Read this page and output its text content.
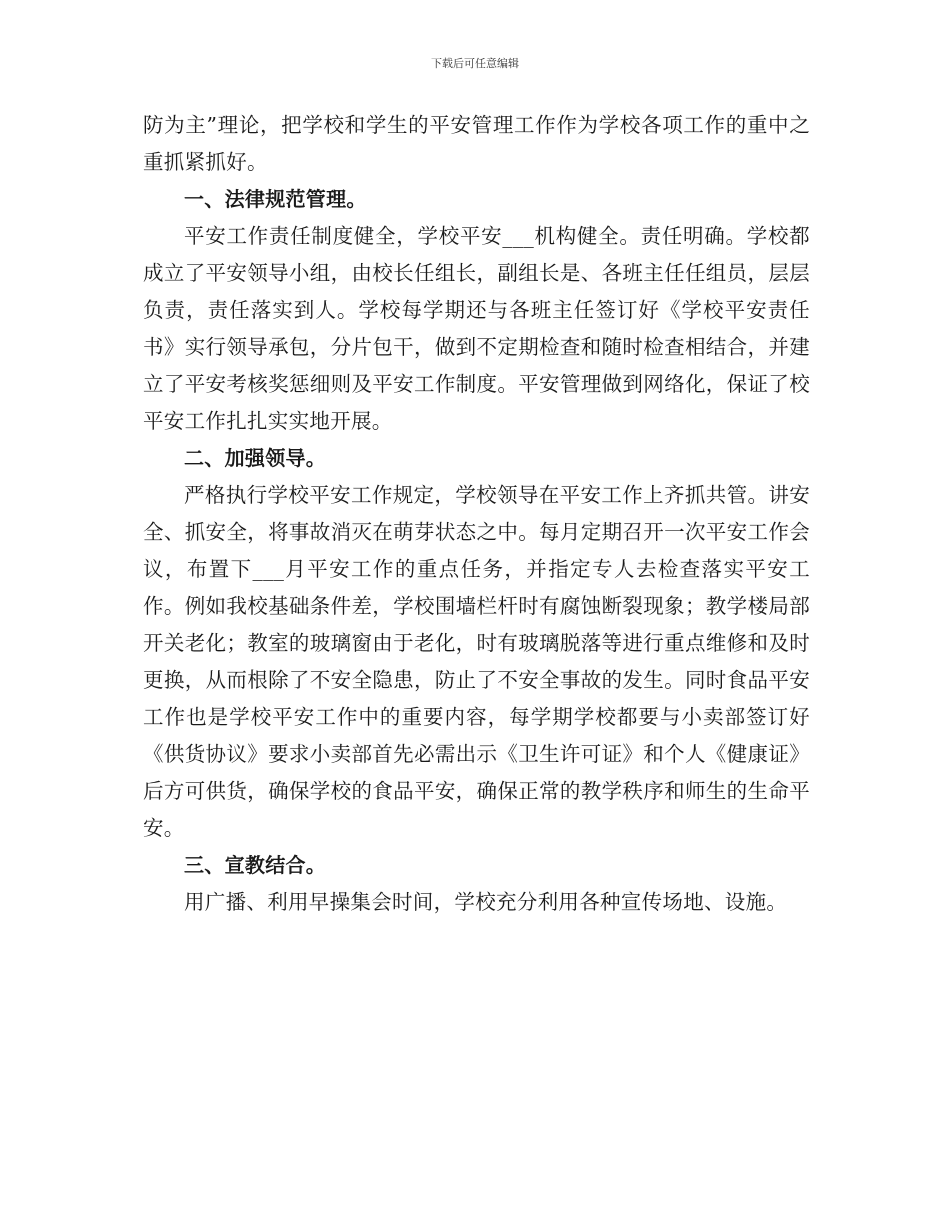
下载后可任意编辑

防为主”理论，把学校和学生的平安管理工作作为学校各项工作的重中之重抓紧抓好。

一、法律规范管理。

平安工作责任制度健全，学校平安___机构健全。责任明确。学校都成立了平安领导小组，由校长任组长，副组长是、各班主任任组员，层层负责，责任落实到人。学校每学期还与各班主任签订好《学校平安责任书》实行领导承包，分片包干，做到不定期检查和随时检查相结合，并建立了平安考核奖惩细则及平安工作制度。平安管理做到网络化，保证了校平安工作扎扎实实地开展。

二、加强领导。

严格执行学校平安工作规定，学校领导在平安工作上齐抓共管。讲安全、抓安全，将事故消灭在萌芽状态之中。每月定期召开一次平安工作会议，布置下___月平安工作的重点任务，并指定专人去检查落实平安工作。例如我校基础条件差，学校围墙栏杆时有腐蚀断裂现象；教学楼局部开关老化；教室的玻璃窗由于老化，时有玻璃脱落等进行重点维修和及时更换，从而根除了不安全隐患，防止了不安全事故的发生。同时食品平安工作也是学校平安工作中的重要内容，每学期学校都要与小卖部签订好《供货协议》要求小卖部首先必需出示《卫生许可证》和个人《健康证》后方可供货，确保学校的食品平安，确保正常的教学秩序和师生的生命平安。

三、宣教结合。

用广播、利用早操集会时间，学校充分利用各种宣传场地、设施。
